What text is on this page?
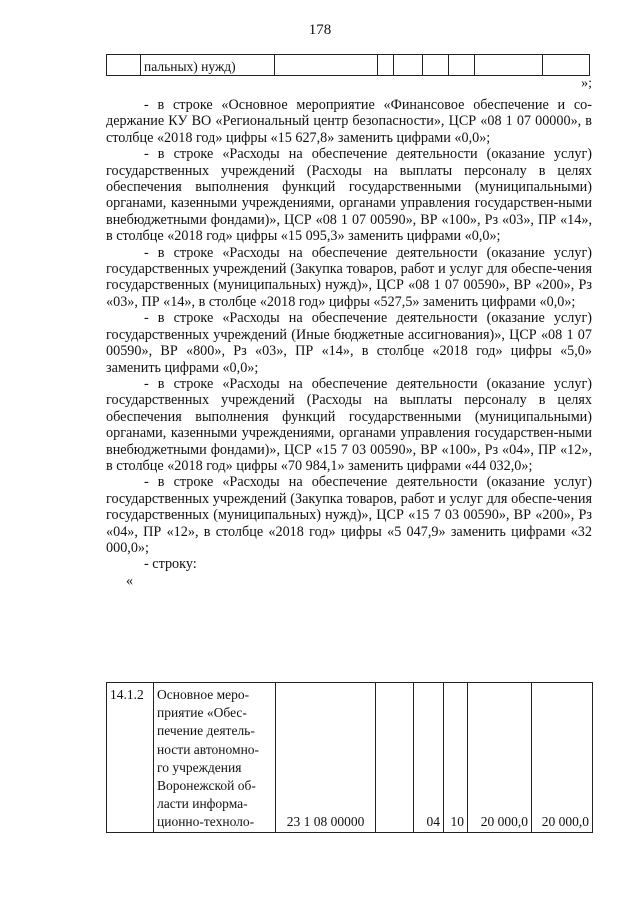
178
	пальных) нужд)							
»;

- в строке «Основное мероприятие «Финансовое обеспечение и со-держание КУ ВО «Региональный центр безопасности», ЦСР «08 1 07 00000», в столбце «2018 год» цифры «15 627,8» заменить цифрами «0,0»;

- в строке «Расходы на обеспечение деятельности (оказание услуг) государственных учреждений (Расходы на выплаты персоналу в целях обеспечения выполнения функций государственными (муниципальными) органами, казенными учреждениями, органами управления государствен-ными внебюджетными фондами)», ЦСР «08 1 07 00590», ВР «100», Рз «03», ПР «14», в столбце «2018 год» цифры «15 095,3» заменить цифрами «0,0»;

- в строке «Расходы на обеспечение деятельности (оказание услуг) государственных учреждений (Закупка товаров, работ и услуг для обеспе-чения государственных (муниципальных) нужд)», ЦСР «08 1 07 00590», ВР «200», Рз «03», ПР «14», в столбце «2018 год» цифры «527,5» заменить цифрами «0,0»;

- в строке «Расходы на обеспечение деятельности (оказание услуг) государственных учреждений (Иные бюджетные ассигнования)», ЦСР «08 1 07 00590», ВР «800», Рз «03», ПР «14», в столбце «2018 год» цифры «5,0» заменить цифрами «0,0»;

- в строке «Расходы на обеспечение деятельности (оказание услуг) государственных учреждений (Расходы на выплаты персоналу в целях обеспечения выполнения функций государственными (муниципальными) органами, казенными учреждениями, органами управления государствен-ными внебюджетными фондами)», ЦСР «15 7 03 00590», ВР «100», Рз «04», ПР «12», в столбце «2018 год» цифры «70 984,1» заменить цифрами «44 032,0»;

- в строке «Расходы на обеспечение деятельности (оказание услуг) государственных учреждений (Закупка товаров, работ и услуг для обеспе-чения государственных (муниципальных) нужд)», ЦСР «15 7 03 00590», ВР «200», Рз «04», ПР «12», в столбце «2018 год» цифры «5 047,9» заменить цифрами «32 000,0»;

- строку:

«

14.1.2	Основное меро-
приятие «Обес-
печение деятель-
ности автономно-
го учреждения
Воронежской об-
ласти информа-
ционно-техноло-	23 1 08 00000		04	10	20 000,0	20 000,0
